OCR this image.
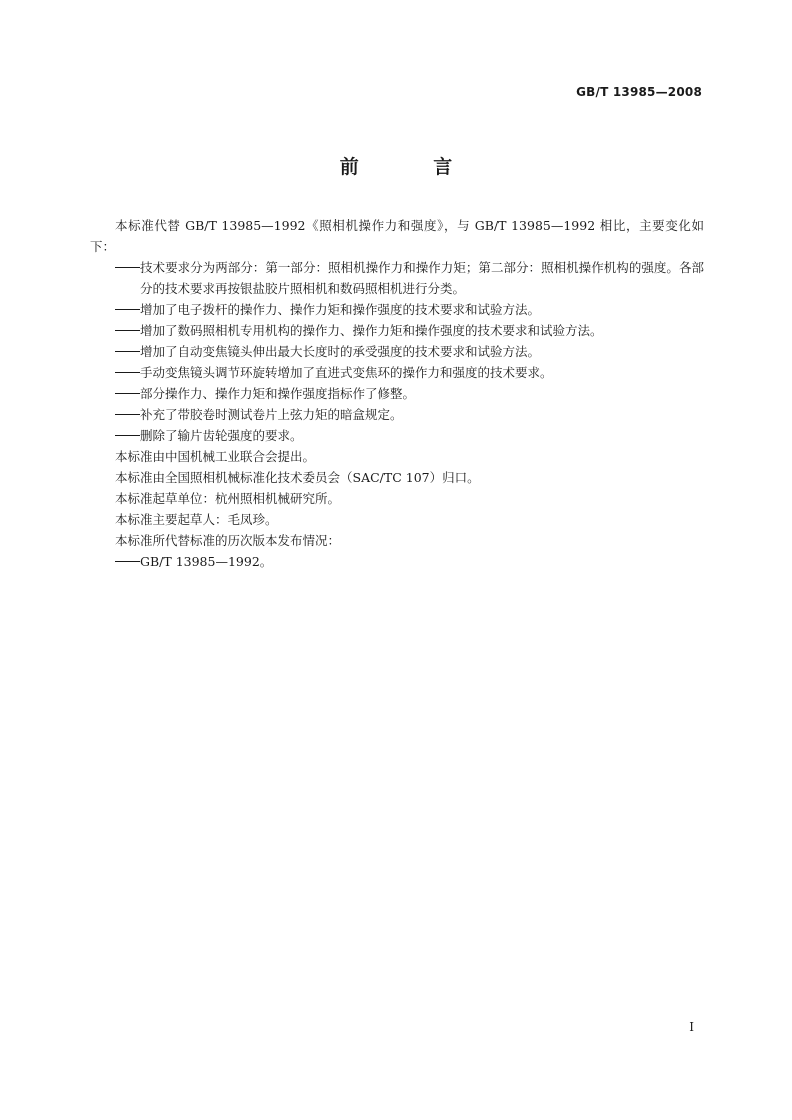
GB/T 13985—2008
前 言

本标准代替 GB/T 13985—1992《照相机操作力和强度》，与 GB/T 13985—1992 相比，主要变化如下：

技术要求分为两部分：第一部分：照相机操作力和操作力矩；第二部分：照相机操作机构的强度。各部分的技术要求再按银盐胶片照相机和数码照相机进行分类。
增加了电子拨杆的操作力、操作力矩和操作强度的技术要求和试验方法。
增加了数码照相机专用机构的操作力、操作力矩和操作强度的技术要求和试验方法。
增加了自动变焦镜头伸出最大长度时的承受强度的技术要求和试验方法。
手动变焦镜头调节环旋转增加了直进式变焦环的操作力和强度的技术要求。
部分操作力、操作力矩和操作强度指标作了修整。
补充了带胶卷时测试卷片上弦力矩的暗盒规定。
删除了输片齿轮强度的要求。

本标准由中国机械工业联合会提出。

本标准由全国照相机械标准化技术委员会（SAC/TC 107）归口。

本标准起草单位：杭州照相机械研究所。

本标准主要起草人：毛凤珍。

本标准所代替标准的历次版本发布情况：

GB/T 13985—1992。
I
